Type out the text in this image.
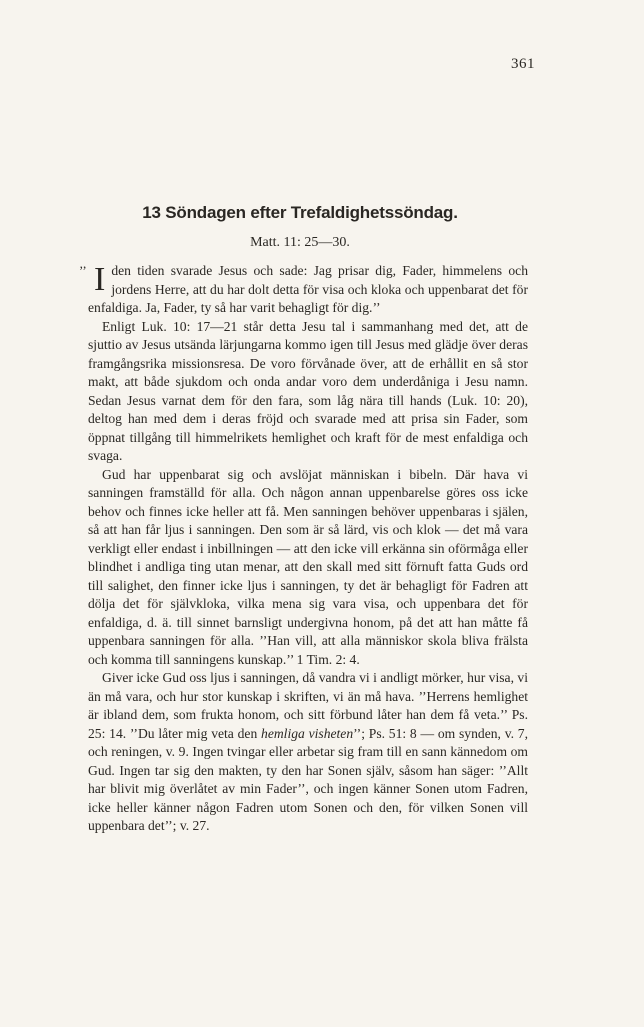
361
13 Söndagen efter Trefaldighetssöndag.
Matt. 11: 25—30.

’’ I den tiden svarade Jesus och sade: Jag prisar dig, Fader, himmelens och jordens Herre, att du har dolt detta för visa och kloka och uppenbarat det för enfaldiga. Ja, Fader, ty så har varit behagligt för dig.’’

Enligt Luk. 10: 17—21 står detta Jesu tal i sammanhang med det, att de sjuttio av Jesus utsända lärjungarna kommo igen till Jesus med glädje över deras framgångsrika missionsresa. De voro förvånade över, att de erhållit en så stor makt, att både sjukdom och onda andar voro dem underdåniga i Jesu namn. Sedan Jesus varnat dem för den fara, som låg nära till hands (Luk. 10: 20), deltog han med dem i deras fröjd och svarade med att prisa sin Fader, som öppnat tillgång till himmelrikets hemlighet och kraft för de mest enfaldiga och svaga.

Gud har uppenbarat sig och avslöjat människan i bibeln. Där hava vi sanningen framställd för alla. Och någon annan uppenbarelse göres oss icke behov och finnes icke heller att få. Men sanningen behöver uppenbaras i själen, så att han får ljus i sanningen. Den som är så lärd, vis och klok — det må vara verkligt eller endast i inbillningen — att den icke vill erkänna sin oförmåga eller blindhet i andliga ting utan menar, att den skall med sitt förnuft fatta Guds ord till salighet, den finner icke ljus i sanningen, ty det är behagligt för Fadren att dölja det för självkloka, vilka mena sig vara visa, och uppenbara det för enfaldiga, d. ä. till sinnet barnsligt undergivna honom, på det att han måtte få uppenbara sanningen för alla. ’’Han vill, att alla människor skola bliva frälsta och komma till sanningens kunskap.’’ 1 Tim. 2: 4.

Giver icke Gud oss ljus i sanningen, då vandra vi i andligt mörker, hur visa, vi än må vara, och hur stor kunskap i skriften, vi än må hava. ’’Herrens hemlighet är ibland dem, som frukta honom, och sitt förbund låter han dem få veta.’’ Ps. 25: 14. ’’Du låter mig veta den hemliga visheten’’; Ps. 51: 8 — om synden, v. 7, och reningen, v. 9. Ingen tvingar eller arbetar sig fram till en sann kännedom om Gud. Ingen tar sig den makten, ty den har Sonen själv, såsom han säger: ’’Allt har blivit mig överlåtet av min Fader’’, och ingen känner Sonen utom Fadren, icke heller känner någon Fadren utom Sonen och den, för vilken Sonen vill uppenbara det’’; v. 27.
